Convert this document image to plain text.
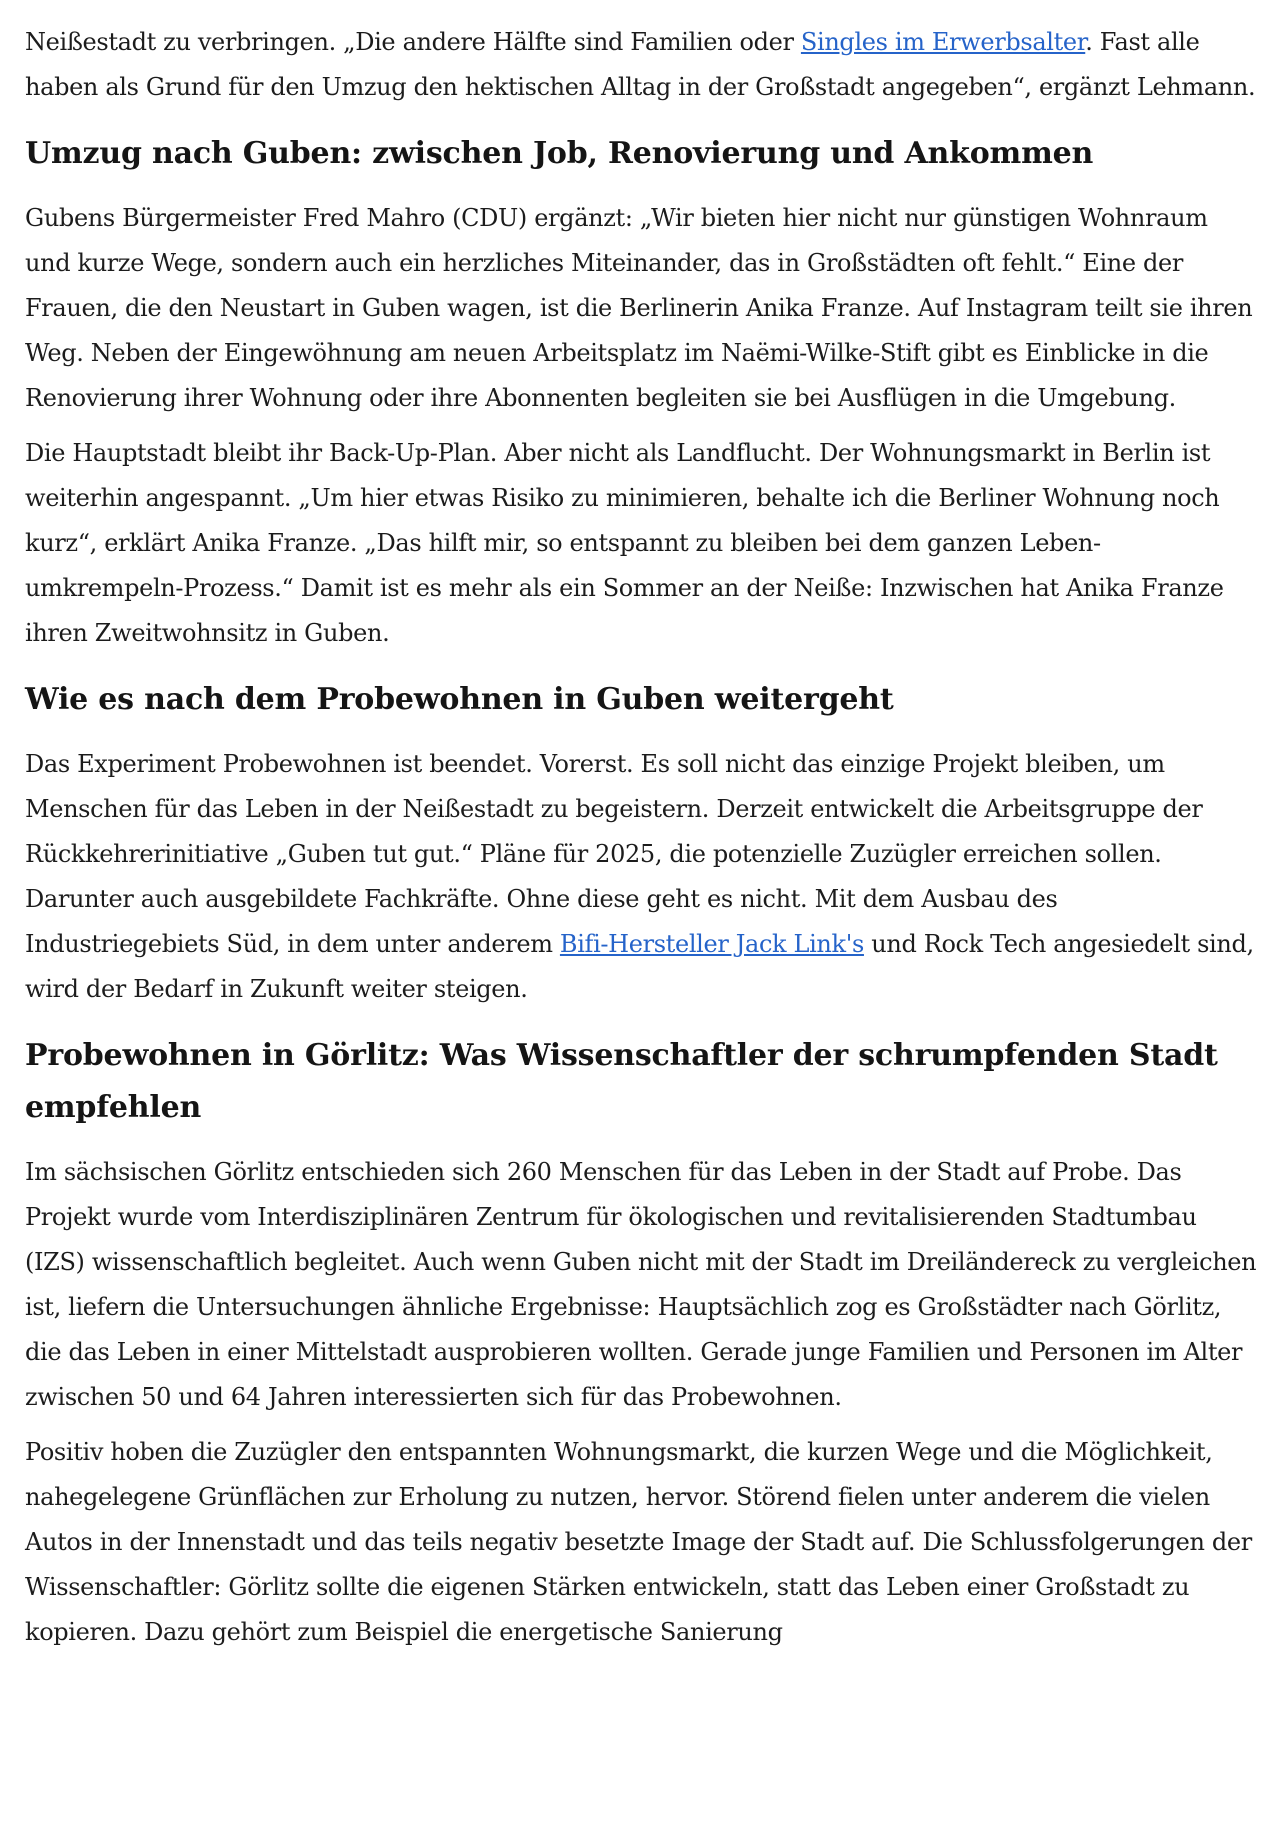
Neißestadt zu verbringen. „Die andere Hälfte sind Familien oder Singles im Erwerbsalter. Fast alle haben als Grund für den Umzug den hektischen Alltag in der Großstadt angegeben“, ergänzt Lehmann.

Umzug nach Guben: zwischen Job, Renovierung und Ankommen

Gubens Bürgermeister Fred Mahro (CDU) ergänzt: „Wir bieten hier nicht nur günstigen Wohnraum und kurze Wege, sondern auch ein herzliches Miteinander, das in Großstädten oft fehlt.“ Eine der Frauen, die den Neustart in Guben wagen, ist die Berlinerin Anika Franze. Auf Instagram teilt sie ihren Weg. Neben der Eingewöhnung am neuen Arbeitsplatz im Naëmi-Wilke-Stift gibt es Einblicke in die Renovierung ihrer Wohnung oder ihre Abonnenten begleiten sie bei Ausflügen in die Umgebung.

Die Hauptstadt bleibt ihr Back-Up-Plan. Aber nicht als Landflucht. Der Wohnungsmarkt in Berlin ist weiterhin angespannt. „Um hier etwas Risiko zu minimieren, behalte ich die Berliner Wohnung noch kurz“, erklärt Anika Franze. „Das hilft mir, so entspannt zu bleiben bei dem ganzen Leben-umkrempeln-Prozess.“ Damit ist es mehr als ein Sommer an der Neiße: Inzwischen hat Anika Franze ihren Zweitwohnsitz in Guben.

Wie es nach dem Probewohnen in Guben weitergeht

Das Experiment Probewohnen ist beendet. Vorerst. Es soll nicht das einzige Projekt bleiben, um Menschen für das Leben in der Neißestadt zu begeistern. Derzeit entwickelt die Arbeitsgruppe der Rückkehrerinitiative „Guben tut gut.“ Pläne für 2025, die potenzielle Zuzügler erreichen sollen. Darunter auch ausgebildete Fachkräfte. Ohne diese geht es nicht. Mit dem Ausbau des Industriegebiets Süd, in dem unter anderem Bifi-Hersteller Jack Link's und Rock Tech angesiedelt sind, wird der Bedarf in Zukunft weiter steigen.

Probewohnen in Görlitz: Was Wissenschaftler der schrumpfenden Stadt empfehlen

Im sächsischen Görlitz entschieden sich 260 Menschen für das Leben in der Stadt auf Probe. Das Projekt wurde vom Interdisziplinären Zentrum für ökologischen und revitalisierenden Stadtumbau (IZS) wissenschaftlich begleitet. Auch wenn Guben nicht mit der Stadt im Dreiländereck zu vergleichen ist, liefern die Untersuchungen ähnliche Ergebnisse: Hauptsächlich zog es Großstädter nach Görlitz, die das Leben in einer Mittelstadt ausprobieren wollten. Gerade junge Familien und Personen im Alter zwischen 50 und 64 Jahren interessierten sich für das Probewohnen.

Positiv hoben die Zuzügler den entspannten Wohnungsmarkt, die kurzen Wege und die Möglichkeit, nahegelegene Grünflächen zur Erholung zu nutzen, hervor. Störend fielen unter anderem die vielen Autos in der Innenstadt und das teils negativ besetzte Image der Stadt auf. Die Schlussfolgerungen der Wissenschaftler: Görlitz sollte die eigenen Stärken entwickeln, statt das Leben einer Großstadt zu kopieren. Dazu gehört zum Beispiel die energetische Sanierung
